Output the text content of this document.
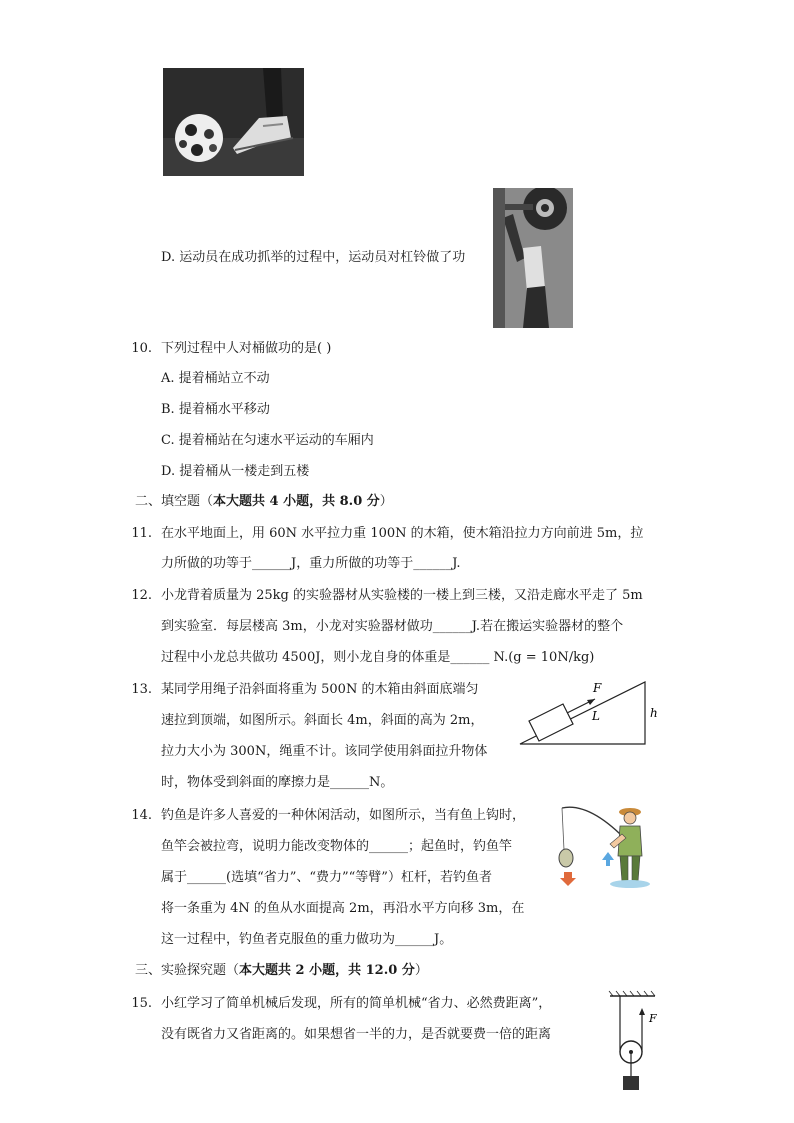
D. 运动员在成功抓举的过程中，运动员对杠铃做了功
10. 下列过程中人对桶做功的是( )
A. 提着桶站立不动
B. 提着桶水平移动
C. 提着桶站在匀速水平运动的车厢内
D. 提着桶从一楼走到五楼
二、填空题（本大题共 4 小题，共 8.0 分）
11. 在水平地面上，用 60N 水平拉力重 100N 的木箱，使木箱沿拉力方向前进 5m，拉
力所做的功等于______J，重力所做的功等于______J.
12. 小龙背着质量为 25kg 的实验器材从实验楼的一楼上到三楼，又沿走廊水平走了 5m
到实验室．每层楼高 3m，小龙对实验器材做功______J.若在搬运实验器材的整个
过程中小龙总共做功 4500J，则小龙自身的体重是______ N.(g = 10N/kg)
13. 某同学用绳子沿斜面将重为 500N 的木箱由斜面底端匀
速拉到顶端，如图所示。斜面长 4m，斜面的高为 2m，
拉力大小为 300N，绳重不计。该同学使用斜面拉升物体
时，物体受到斜面的摩擦力是______N。
F
L	h
14. 钓鱼是许多人喜爱的一种休闲活动，如图所示，当有鱼上钩时，
鱼竿会被拉弯，说明力能改变物体的______；起鱼时，钓鱼竿
属于______(选填“省力”、“费力”“等臂”）杠杆，若钓鱼者
将一条重为 4N 的鱼从水面提高 2m，再沿水平方向移 3m，在
这一过程中，钓鱼者克服鱼的重力做功为______J。
三、实验探究题（本大题共 2 小题，共 12.0 分）
15. 小红学习了简单机械后发现，所有的简单机械“省力、必然费距离”，
没有既省力又省距离的。如果想省一半的力，是否就要费一倍的距离
F
